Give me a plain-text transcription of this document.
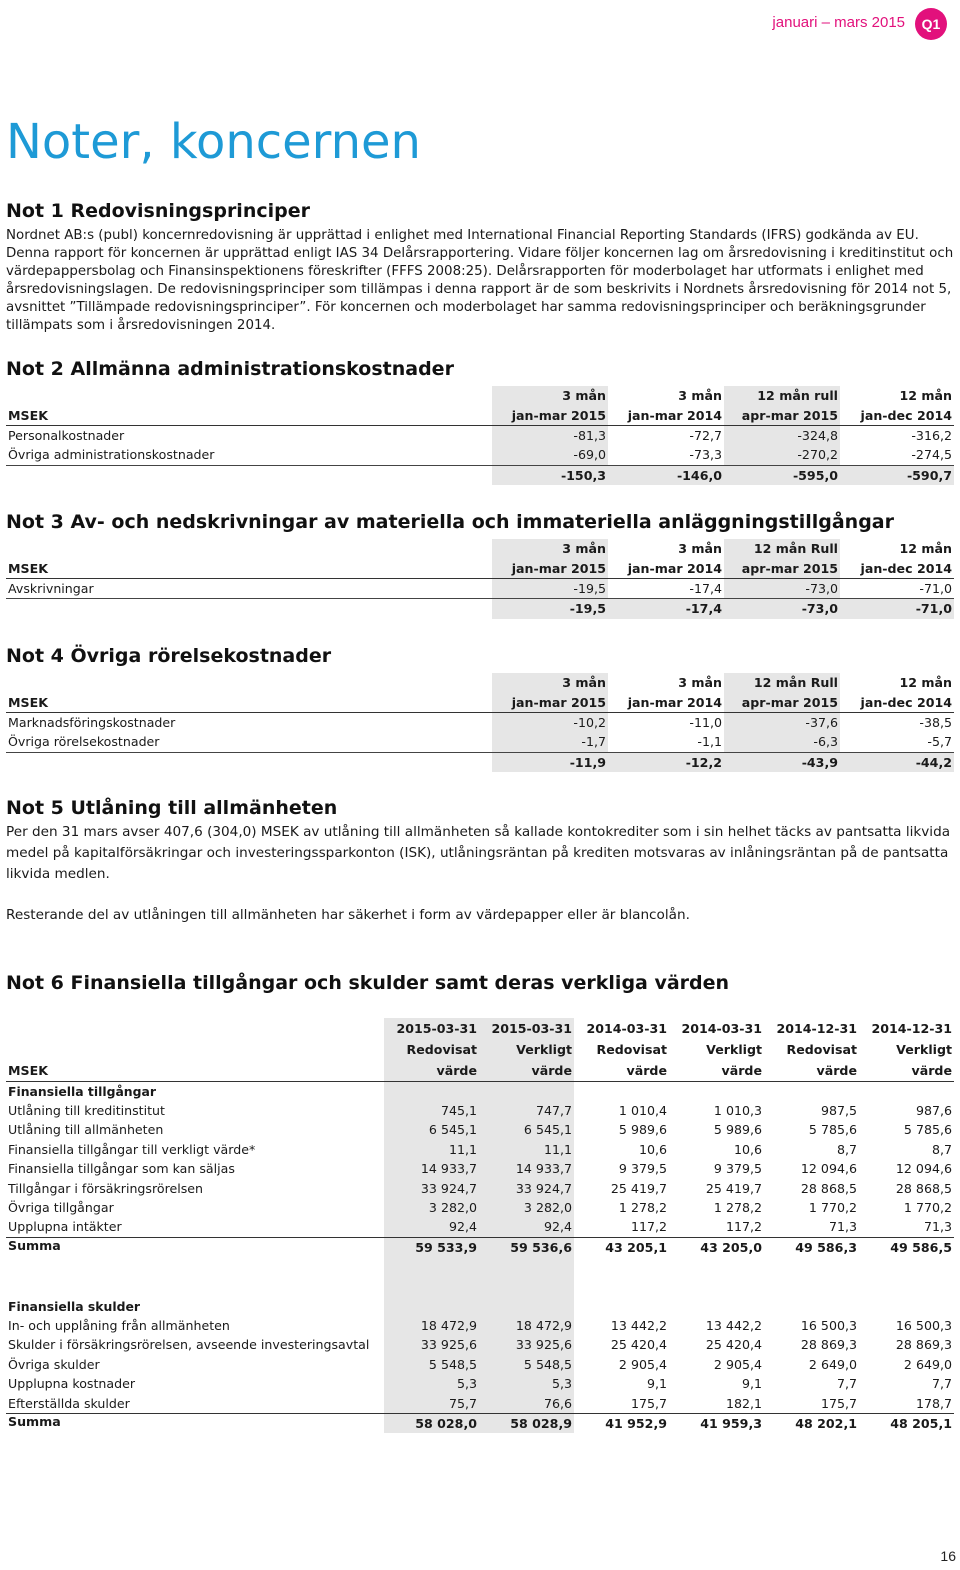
januari – mars 2015	Q1
Noter, koncernen
Not 1 Redovisningsprinciper

Nordnet AB:s (publ) koncernredovisning är upprättad i enlighet med International Financial Reporting Standards (IFRS) godkända av EU. Denna rapport för koncernen är upprättad enligt IAS 34 Delårsrapportering. Vidare följer koncernen lag om årsredovisning i kreditinstitut och värdepappersbolag och Finansinspektionens föreskrifter (FFFS 2008:25). Delårsrapporten för moderbolaget har utformats i enlighet med årsredovisningslagen. De redovisningsprinciper som tillämpas i denna rapport är de som beskrivits i Nordnets årsredovisning för 2014 not 5, avsnittet ”Tillämpade redovisningsprinciper”. För koncernen och moderbolaget har samma redovisningsprinciper och beräkningsgrunder tillämpats som i årsredovisningen 2014.

Not 2 Allmänna administrationskostnader
	3 mån	3 mån	12 mån rull	12 mån
MSEK	jan-mar 2015	jan-mar 2014	apr-mar 2015	jan-dec 2014
Personalkostnader	-81,3	-72,7	-324,8	-316,2
Övriga administrationskostnader	-69,0	-73,3	-270,2	-274,5
	-150,3	-146,0	-595,0	-590,7
Not 3 Av- och nedskrivningar av materiella och immateriella anläggningstillgångar
	3 mån	3 mån	12 mån Rull	12 mån
MSEK	jan-mar 2015	jan-mar 2014	apr-mar 2015	jan-dec 2014
Avskrivningar	-19,5	-17,4	-73,0	-71,0
	-19,5	-17,4	-73,0	-71,0
Not 4 Övriga rörelsekostnader
	3 mån	3 mån	12 mån Rull	12 mån
MSEK	jan-mar 2015	jan-mar 2014	apr-mar 2015	jan-dec 2014
Marknadsföringskostnader	-10,2	-11,0	-37,6	-38,5
Övriga rörelsekostnader	-1,7	-1,1	-6,3	-5,7
	-11,9	-12,2	-43,9	-44,2
Not 5 Utlåning till allmänheten

Per den 31 mars avser 407,6 (304,0) MSEK av utlåning till allmänheten så kallade kontokrediter som i sin helhet täcks av pantsatta likvida medel på kapitalförsäkringar och investeringssparkonton (ISK), utlåningsräntan på krediten motsvaras av inlåningsräntan på de pantsatta likvida medlen.

Resterande del av utlåningen till allmänheten har säkerhet i form av värdepapper eller är blancolån.

Not 6 Finansiella tillgångar och skulder samt deras verkliga värden
	2015-03-31	2015-03-31	2014-03-31	2014-03-31	2014-12-31	2014-12-31
	Redovisat	Verkligt	Redovisat	Verkligt	Redovisat	Verkligt
MSEK	värde	värde	värde	värde	värde	värde
Finansiella tillgångar						
Utlåning till kreditinstitut	745,1	747,7	1 010,4	1 010,3	987,5	987,6
Utlåning till allmänheten	6 545,1	6 545,1	5 989,6	5 989,6	5 785,6	5 785,6
Finansiella tillgångar till verkligt värde*	11,1	11,1	10,6	10,6	8,7	8,7
Finansiella tillgångar som kan säljas	14 933,7	14 933,7	9 379,5	9 379,5	12 094,6	12 094,6
Tillgångar i försäkringsrörelsen	33 924,7	33 924,7	25 419,7	25 419,7	28 868,5	28 868,5
Övriga tillgångar	3 282,0	3 282,0	1 278,2	1 278,2	1 770,2	1 770,2
Upplupna intäkter	92,4	92,4	117,2	117,2	71,3	71,3
Summa	59 533,9	59 536,6	43 205,1	43 205,0	49 586,3	49 586,5

Finansiella skulder						
In- och upplåning från allmänheten	18 472,9	18 472,9	13 442,2	13 442,2	16 500,3	16 500,3
Skulder i försäkringsrörelsen, avseende investeringsavtal	33 925,6	33 925,6	25 420,4	25 420,4	28 869,3	28 869,3
Övriga skulder	5 548,5	5 548,5	2 905,4	2 905,4	2 649,0	2 649,0
Upplupna kostnader	5,3	5,3	9,1	9,1	7,7	7,7
Efterställda skulder	75,7	76,6	175,7	182,1	175,7	178,7
Summa	58 028,0	58 028,9	41 952,9	41 959,3	48 202,1	48 205,1
16
